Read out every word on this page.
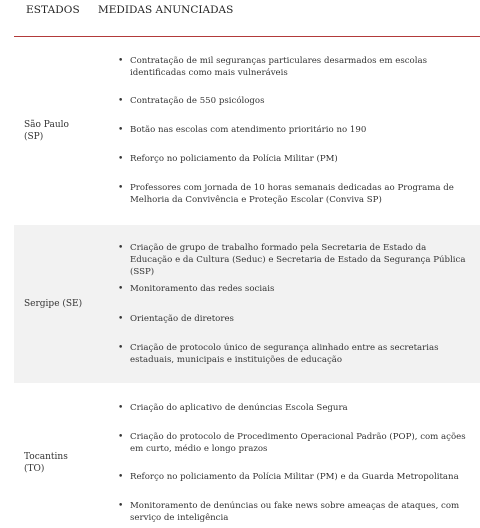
ESTADOS MEDIDAS ANUNCIADAS
São Paulo
(SP)
• Contratação de mil seguranças particulares desarmados em escolas identificadas como mais vulneráveis
• Contratação de 550 psicólogos
• Botão nas escolas com atendimento prioritário no 190
• Reforço no policiamento da Polícia Militar (PM)
• Professores com jornada de 10 horas semanais dedicadas ao Programa de Melhoria da Convivência e Proteção Escolar (Conviva SP)
Sergipe (SE)
• Criação de grupo de trabalho formado pela Secretaria de Estado da Educação e da Cultura (Seduc) e Secretaria de Estado da Segurança Pública (SSP)
• Monitoramento das redes sociais
• Orientação de diretores
• Criação de protocolo único de segurança alinhado entre as secretarias estaduais, municipais e instituições de educação
Tocantins
(TO)
• Criação do aplicativo de denúncias Escola Segura
• Criação do protocolo de Procedimento Operacional Padrão (POP), com ações em curto, médio e longo prazos
• Reforço no policiamento da Polícia Militar (PM) e da Guarda Metropolitana
• Monitoramento de denúncias ou fake news sobre ameaças de ataques, com serviço de inteligência
